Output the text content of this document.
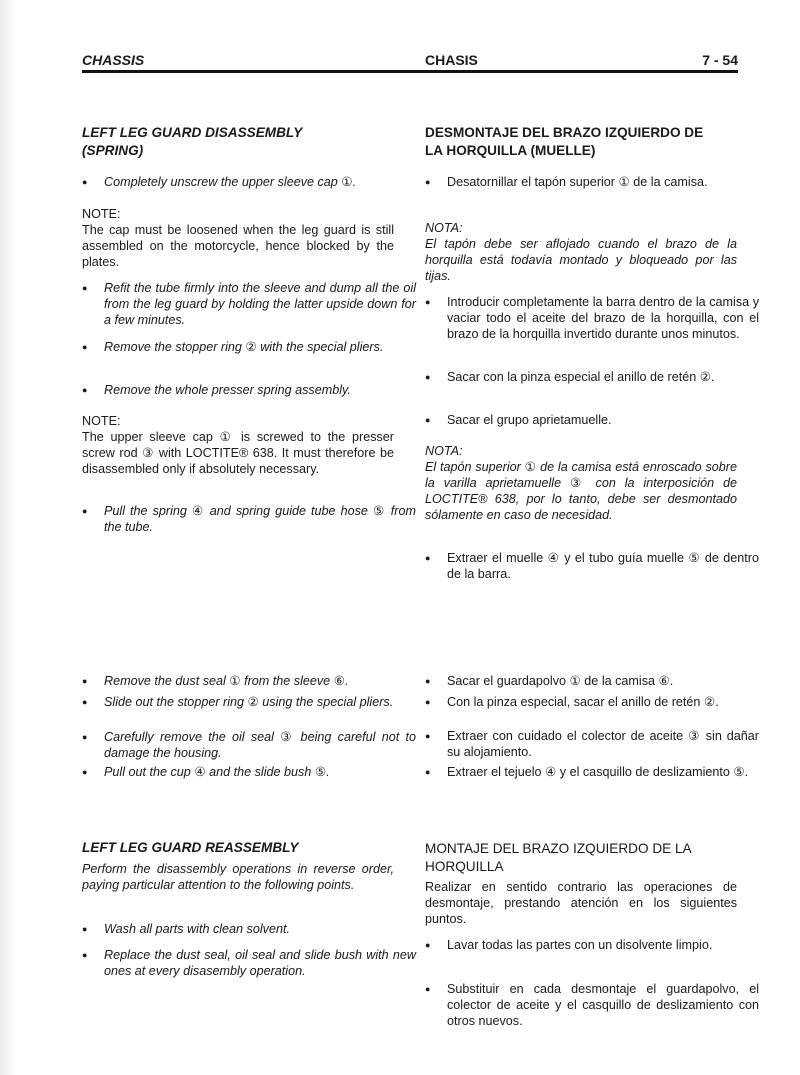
CHASSIS	CHASIS	7 - 54
LEFT LEG GUARD DISASSEMBLY
(SPRING)

● Completely unscrew the upper sleeve cap ①.

NOTE:
The cap must be loosened when the leg guard is still assembled on the motorcycle, hence blocked by the plates.

● Refit the tube firmly into the sleeve and dump all the oil from the leg guard by holding the latter upside down for a few minutes.

● Remove the stopper ring ② with the special pliers.

● Remove the whole presser spring assembly.

NOTE:
The upper sleeve cap ① is screwed to the presser screw rod ③ with LOCTITE® 638. It must therefore be disassembled only if absolutely necessary.

● Pull the spring ④ and spring guide tube hose ⑤ from the tube.

● Remove the dust seal ① from the sleeve ⑥.

● Slide out the stopper ring ② using the special pliers.

● Carefully remove the oil seal ③ being careful not to damage the housing.

● Pull out the cup ④ and the slide bush ⑤.

LEFT LEG GUARD REASSEMBLY
Perform the disassembly operations in reverse order, paying particular attention to the following points.

● Wash all parts with clean solvent.

● Replace the dust seal, oil seal and slide bush with new ones at every disasembly operation.

DESMONTAJE DEL BRAZO IZQUIERDO DE
LA HORQUILLA (MUELLE)

● Desatornillar el tapón superior ① de la camisa.

NOTA:
El tapón debe ser aflojado cuando el brazo de la horquilla está todavía montado y bloqueado por las tijas.

● Introducir completamente la barra dentro de la camisa y vaciar todo el aceite del brazo de la horquilla, con el brazo de la horquilla invertido durante unos minutos.

● Sacar con la pinza especial el anillo de retén ②.

● Sacar el grupo aprietamuelle.

NOTA:
El tapón superior ① de la camisa está enroscado sobre la varilla aprietamuelle ③ con la interposición de LOCTITE® 638, por lo tanto, debe ser desmontado sólamente en caso de necesidad.

● Extraer el muelle ④ y el tubo guía muelle ⑤ de dentro de la barra.

● Sacar el guardapolvo ① de la camisa ⑥.

● Con la pinza especial, sacar el anillo de retén ②.

● Extraer con cuidado el colector de aceite ③ sin dañar su alojamiento.

● Extraer el tejuelo ④ y el casquillo de deslizamiento ⑤.

MONTAJE DEL BRAZO IZQUIERDO DE LA
HORQUILLA
Realizar en sentido contrario las operaciones de desmontaje, prestando atención en los siguientes puntos.

● Lavar todas las partes con un disolvente limpio.

● Substituir en cada desmontaje el guardapolvo, el colector de aceite y el casquillo de deslizamiento con otros nuevos.
